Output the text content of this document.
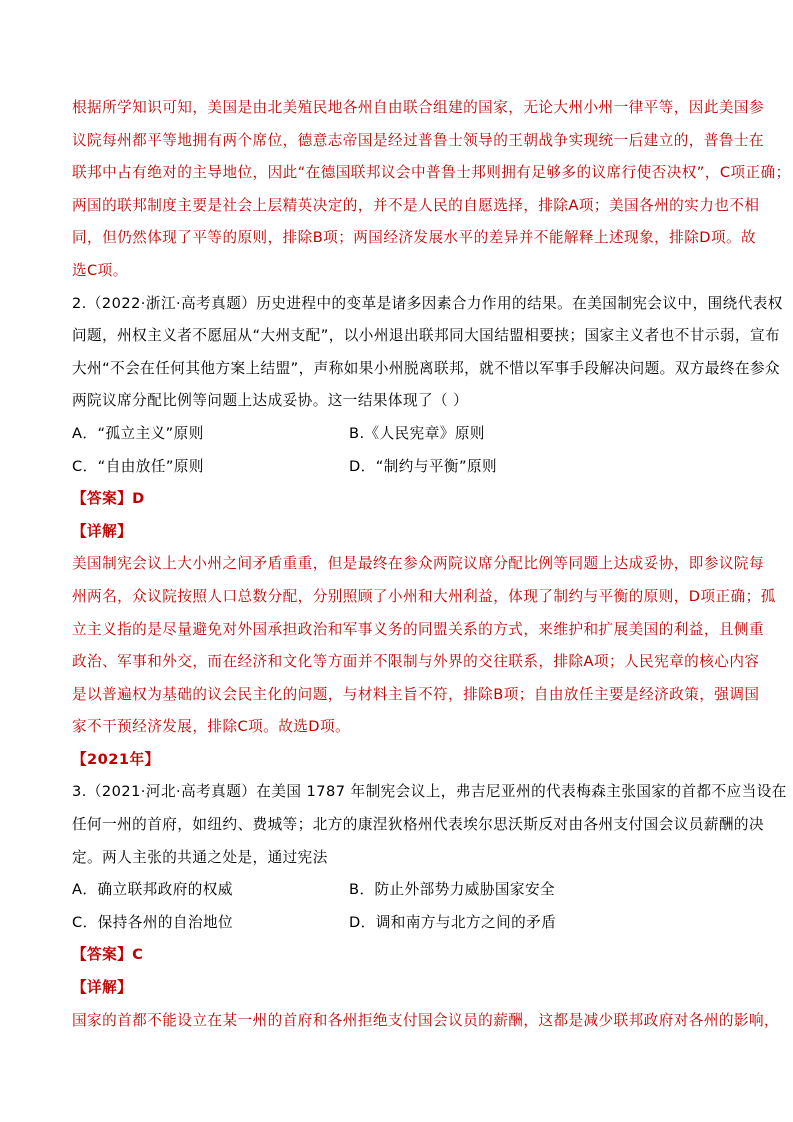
根据所学知识可知，美国是由北美殖民地各州自由联合组建的国家，无论大州小州一律平等，因此美国参
议院每州都平等地拥有两个席位，德意志帝国是经过普鲁士领导的王朝战争实现统一后建立的，普鲁士在
联邦中占有绝对的主导地位，因此“在德国联邦议会中普鲁士邦则拥有足够多的议席行使否决权”，C项正确；
两国的联邦制度主要是社会上层精英决定的，并不是人民的自愿选择，排除A项；美国各州的实力也不相
同，但仍然体现了平等的原则，排除B项；两国经济发展水平的差异并不能解释上述现象，排除D项。故
选C项。
2.（2022·浙江·高考真题）历史进程中的变革是诸多因素合力作用的结果。在美国制宪会议中，围绕代表权
问题，州权主义者不愿屈从“大州支配”，以小州退出联邦同大国结盟相要挟；国家主义者也不甘示弱，宣布
大州“不会在任何其他方案上结盟”，声称如果小州脱离联邦，就不惜以军事手段解决问题。双方最终在参众
两院议席分配比例等问题上达成妥协。这一结果体现了（ ）
A．“孤立主义”原则	B.《人民宪章》原则
C．“自由放任”原则	D．“制约与平衡”原则
【答案】D
【详解】
美国制宪会议上大小州之间矛盾重重，但是最终在参众两院议席分配比例等同题上达成妥协，即参议院每
州两名，众议院按照人口总数分配，分别照顾了小州和大州利益，体现了制约与平衡的原则，D项正确；孤
立主义指的是尽量避免对外国承担政治和军事义务的同盟关系的方式，来维护和扩展美国的利益，且侧重
政治、军事和外交，而在经济和文化等方面并不限制与外界的交往联系，排除A项；人民宪章的核心内容
是以普遍权为基础的议会民主化的问题，与材料主旨不符，排除B项；自由放任主要是经济政策，强调国
家不干预经济发展，排除C项。故选D项。
【2021年】
3.（2021·河北·高考真题）在美国 1787 年制宪会议上，弗吉尼亚州的代表梅森主张国家的首都不应当设在
任何一州的首府，如纽约、费城等；北方的康涅狄格州代表埃尔思沃斯反对由各州支付国会议员薪酬的决
定。两人主张的共通之处是，通过宪法
A．确立联邦政府的权威	B．防止外部势力威胁国家安全
C．保持各州的自治地位	D．调和南方与北方之间的矛盾
【答案】C
【详解】
国家的首都不能设立在某一州的首府和各州拒绝支付国会议员的薪酬，这都是减少联邦政府对各州的影响，
